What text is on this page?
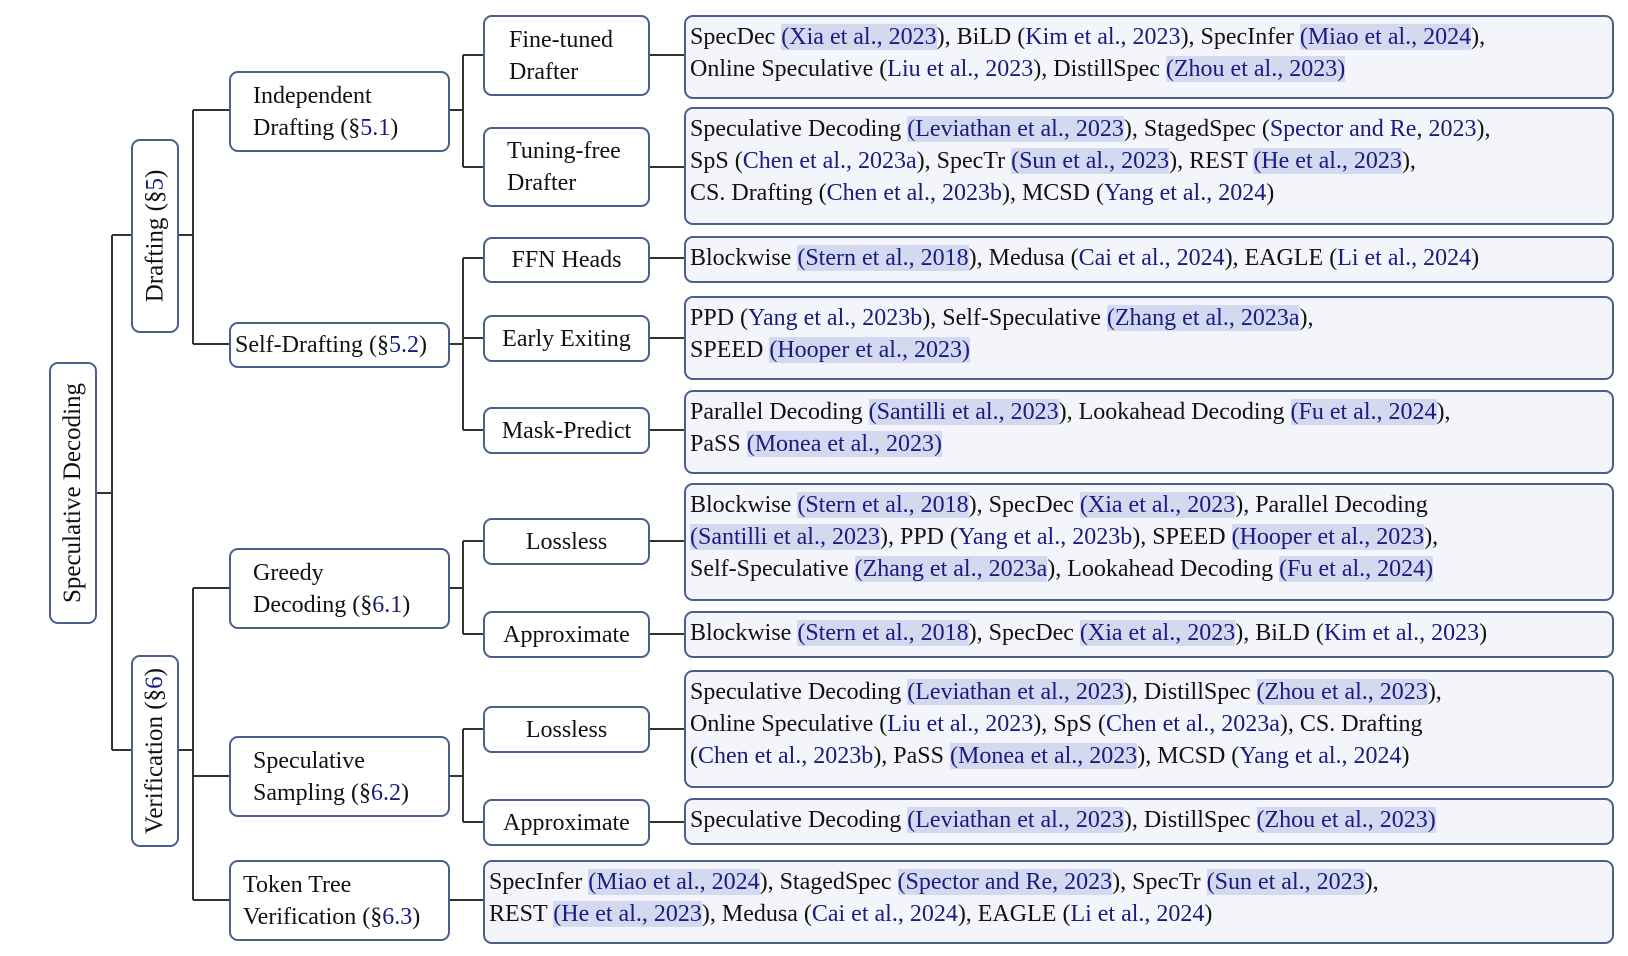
Speculative Decoding
Drafting (§5)
Verification (§6)
Independent
Drafting (§5.1)
Self-Drafting (§5.2)
Greedy
Decoding (§6.1)
Speculative
Sampling (§6.2)
Token Tree
Verification (§6.3)
Fine-tuned
Drafter
Tuning-free
Drafter
FFN Heads
Early Exiting
Mask-Predict
Lossless
Approximate
Lossless
Approximate
SpecDec (Xia et al., 2023), BiLD (Kim et al., 2023), SpecInfer (Miao et al., 2024),
Online Speculative (Liu et al., 2023), DistillSpec (Zhou et al., 2023)
Speculative Decoding (Leviathan et al., 2023), StagedSpec (Spector and Re, 2023),
SpS (Chen et al., 2023a), SpecTr (Sun et al., 2023), REST (He et al., 2023),
CS. Drafting (Chen et al., 2023b), MCSD (Yang et al., 2024)
Blockwise (Stern et al., 2018), Medusa (Cai et al., 2024), EAGLE (Li et al., 2024)
PPD (Yang et al., 2023b), Self-Speculative (Zhang et al., 2023a),
SPEED (Hooper et al., 2023)
Parallel Decoding (Santilli et al., 2023), Lookahead Decoding (Fu et al., 2024),
PaSS (Monea et al., 2023)
Blockwise (Stern et al., 2018), SpecDec (Xia et al., 2023), Parallel Decoding
(Santilli et al., 2023), PPD (Yang et al., 2023b), SPEED (Hooper et al., 2023),
Self-Speculative (Zhang et al., 2023a), Lookahead Decoding (Fu et al., 2024)
Blockwise (Stern et al., 2018), SpecDec (Xia et al., 2023), BiLD (Kim et al., 2023)
Speculative Decoding (Leviathan et al., 2023), DistillSpec (Zhou et al., 2023),
Online Speculative (Liu et al., 2023), SpS (Chen et al., 2023a), CS. Drafting
(Chen et al., 2023b), PaSS (Monea et al., 2023), MCSD (Yang et al., 2024)
Speculative Decoding (Leviathan et al., 2023), DistillSpec (Zhou et al., 2023)
SpecInfer (Miao et al., 2024), StagedSpec (Spector and Re, 2023), SpecTr (Sun et al., 2023),
REST (He et al., 2023), Medusa (Cai et al., 2024), EAGLE (Li et al., 2024)
